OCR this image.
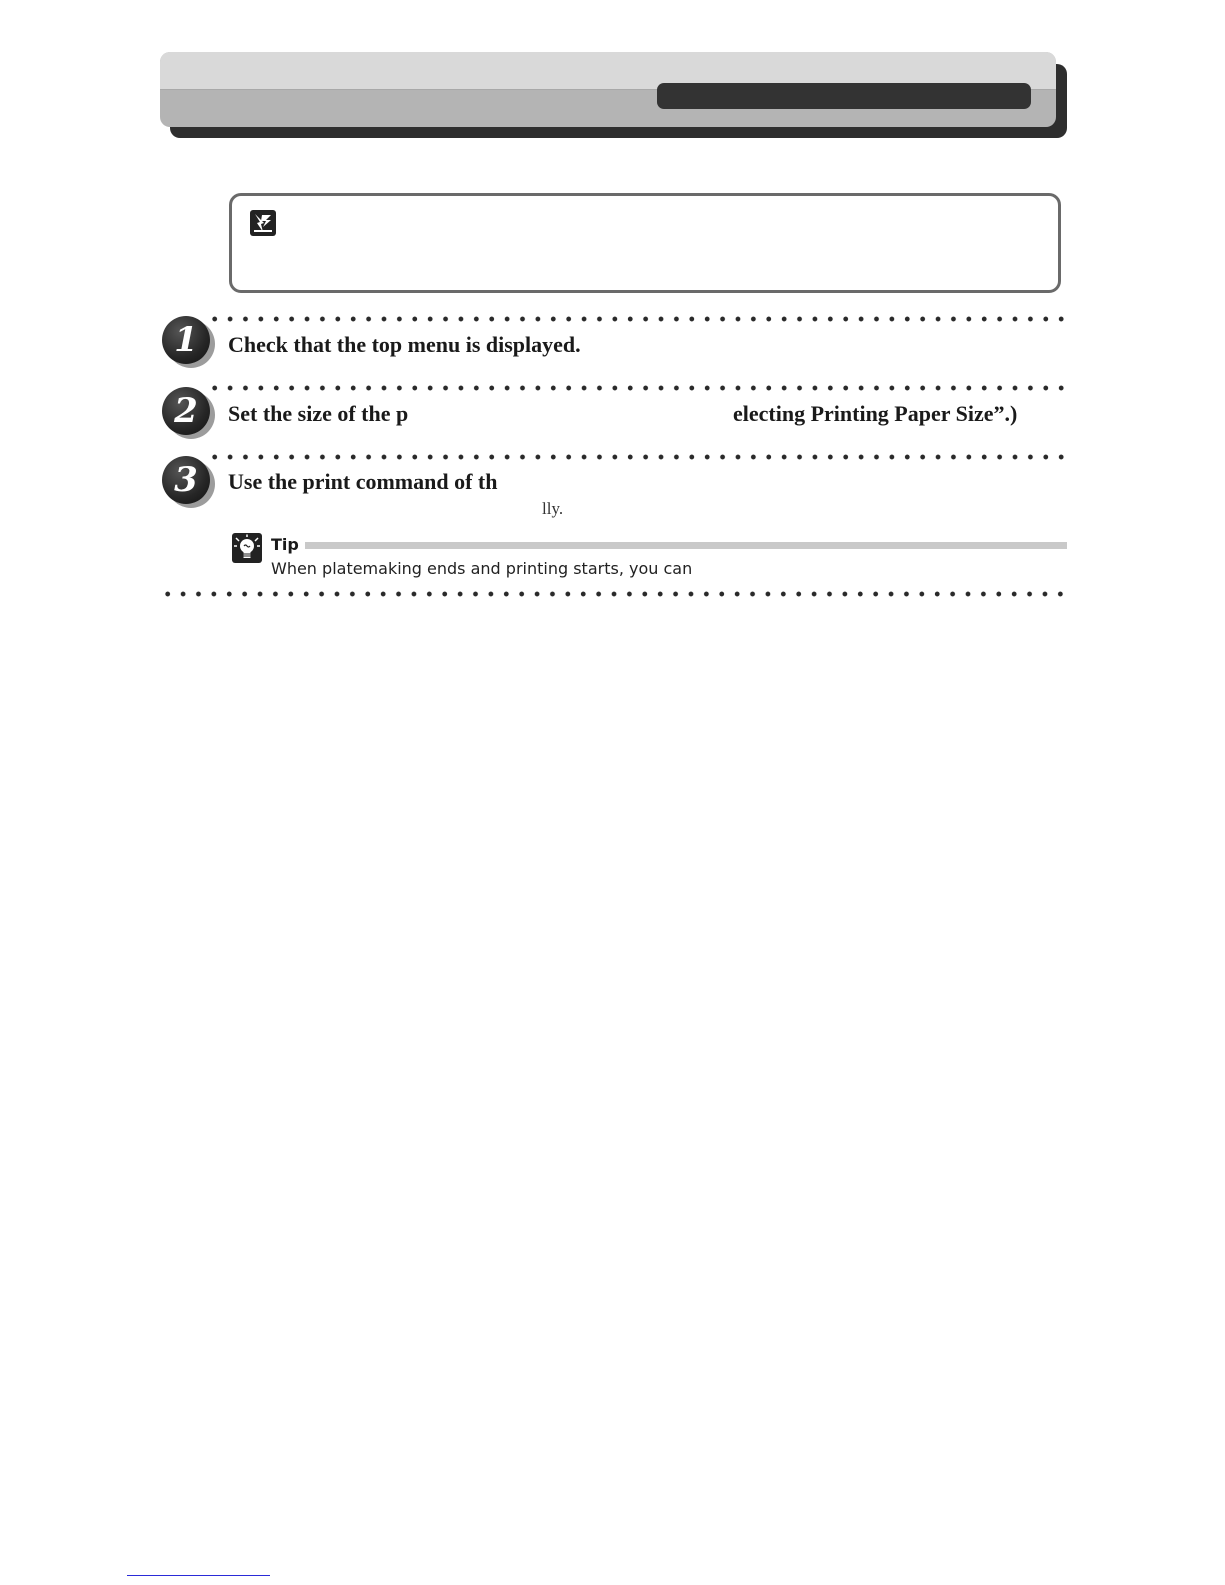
1	Check that the top menu is displayed.
2	Set the size of the p	electing Printing Paper Size”.)
3	Use the print command of th
lly.
Tip
When platemaking ends and printing starts, you can
